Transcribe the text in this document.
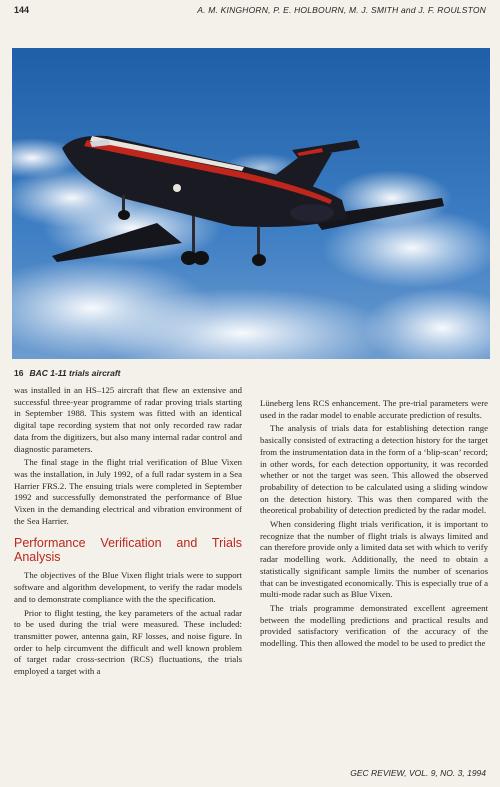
144	A. M. KINGHORN, P. E. HOLBOURN, M. J. SMITH and J. F. ROULSTON
16 BAC 1-11 trials aircraft

was installed in an HS–125 aircraft that flew an extensive and successful three-year programme of radar proving trials starting in September 1988. This system was fitted with an identical digital tape recording system that not only recorded raw radar data from the digitizers, but also many internal radar control and diagnostic parameters.

The final stage in the flight trial verification of Blue Vixen was the installation, in July 1992, of a full radar system in a Sea Harrier FRS.2. The ensuing trials were completed in September 1992 and successfully demonstrated the performance of Blue Vixen in the demanding electrical and vibration environment of the Sea Harrier.

Performance Verification and Trials Analysis

The objectives of the Blue Vixen flight trials were to support software and algorithm development, to verify the radar models and to demonstrate compliance with the the specification.

Prior to flight testing, the key parameters of the actual radar to be used during the trial were measured. These included: transmitter power, antenna gain, RF losses, and noise figure. In order to help circumvent the difficult and well known problem of target radar cross-sectrion (RCS) fluctuations, the trials employed a target with a

Lüneberg lens RCS enhancement. The pre-trial parameters were used in the radar model to enable accurate prediction of results.

The analysis of trials data for establishing detection range basically consisted of extracting a detection history for the target from the instrumentation data in the form of a ‘blip-scan’ record; in other words, for each detection opportunity, it was recorded whether or not the target was seen. This allowed the observed probability of detection to be calculated using a sliding window on the detection history. This was then compared with the theoretical probability of detection predicted by the radar model.

When considering flight trials verification, it is important to recognize that the number of flight trials is always limited and can therefore provide only a limited data set with which to verify radar modelling work. Additionally, the need to obtain a statistically significant sample limits the number of scenarios that can be investigated economically. This is especially true of a multi-mode radar such as Blue Vixen.

The trials programme demonstrated excellent agreement between the modelling predictions and practical results and provided satisfactory verification of the accuracy of the modelling. This then allowed the model to be used to predict the

GEC REVIEW, VOL. 9, NO. 3, 1994
